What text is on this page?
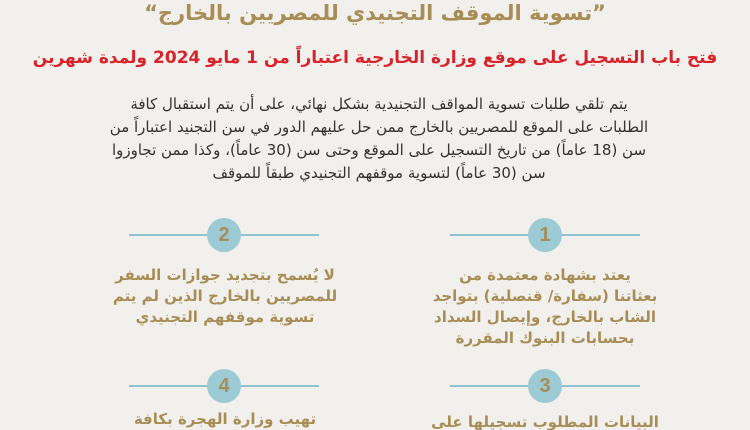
”تسوية الموقف التجنيدي للمصريين بالخارج“
فتح باب التسجيل على موقع وزارة الخارجية اعتباراً من 1 مايو 2024 ولمدة شهرين
يتم تلقي طلبات تسوية المواقف التجنيدية بشكل نهائي، على أن يتم استقبال كافة
الطلبات على الموقع للمصريين بالخارج ممن حل عليهم الدور في سن التجنيد اعتباراً من
سن (18 عاماً) من تاريخ التسجيل على الموقع وحتى سن (30 عاماً)، وكذا ممن تجاوزوا
سن (30 عاماً) لتسوية موقفهم التجنيدي طبقاً للموقف
1
يعتد بشهادة معتمدة من
بعثاتنا (سفارة/ قنصلية) بتواجد
الشاب بالخارج، وإيصال السداد
بحسابات البنوك المقررة
2
لا يُسمح بتجديد جوازات السفر
للمصريين بالخارج الذين لم يتم
تسوية موقفهم التجنيدي
3
البيانات المطلوب تسجيلها على
4
تهيب وزارة الهجرة بكافة
